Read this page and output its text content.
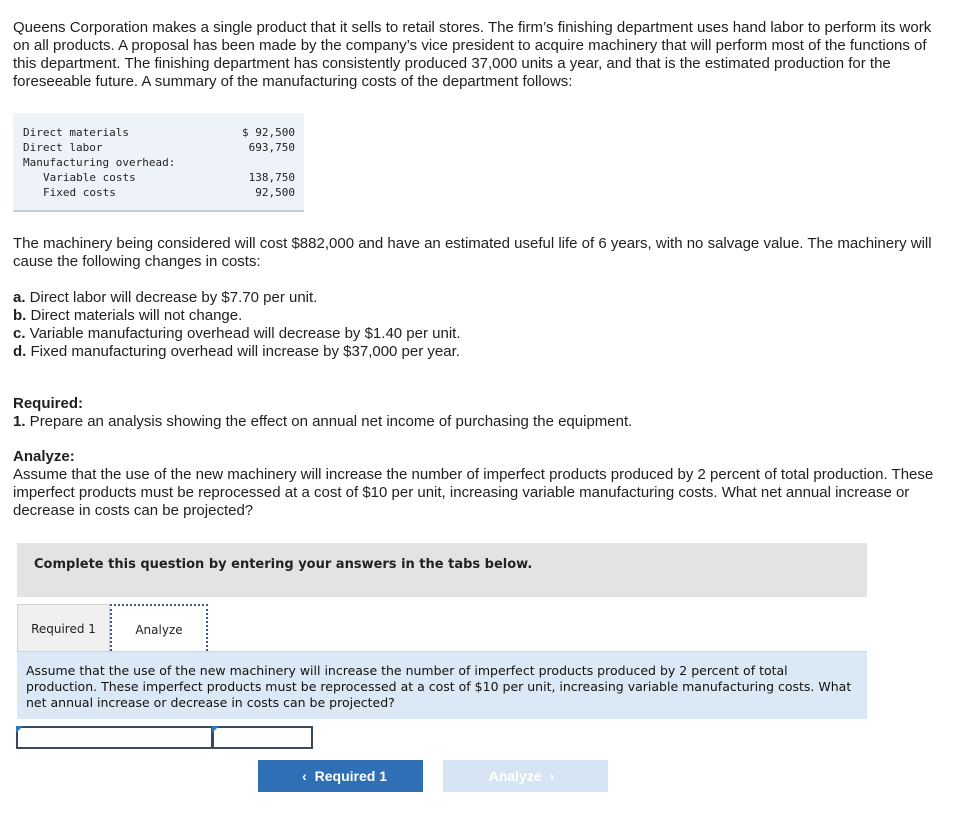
Queens Corporation makes a single product that it sells to retail stores. The firm’s finishing department uses hand labor to perform its work on all products. A proposal has been made by the company’s vice president to acquire machinery that will perform most of the functions of this department. The finishing department has consistently produced 37,000 units a year, and that is the estimated production for the foreseeable future. A summary of the manufacturing costs of the department follows:

Direct materials	$ 92,500
Direct labor	693,750
Manufacturing overhead:
Variable costs	138,750
Fixed costs	92,500

The machinery being considered will cost $882,000 and have an estimated useful life of 6 years, with no salvage value. The machinery will cause the following changes in costs:

a. Direct labor will decrease by $7.70 per unit.
b. Direct materials will not change.
c. Variable manufacturing overhead will decrease by $1.40 per unit.
d. Fixed manufacturing overhead will increase by $37,000 per year.
Required:

1. Prepare an analysis showing the effect on annual net income of purchasing the equipment.

Analyze:

Assume that the use of the new machinery will increase the number of imperfect products produced by 2 percent of total production. These imperfect products must be reprocessed at a cost of $10 per unit, increasing variable manufacturing costs. What net annual increase or decrease in costs can be projected?

Complete this question by entering your answers in the tabs below.
Required 1	Analyze
Assume that the use of the new machinery will increase the number of imperfect products produced by 2 percent of total production. These imperfect products must be reprocessed at a cost of $10 per unit, increasing variable manufacturing costs. What net annual increase or decrease in costs can be projected?
‹ Required 1	Analyze ›
